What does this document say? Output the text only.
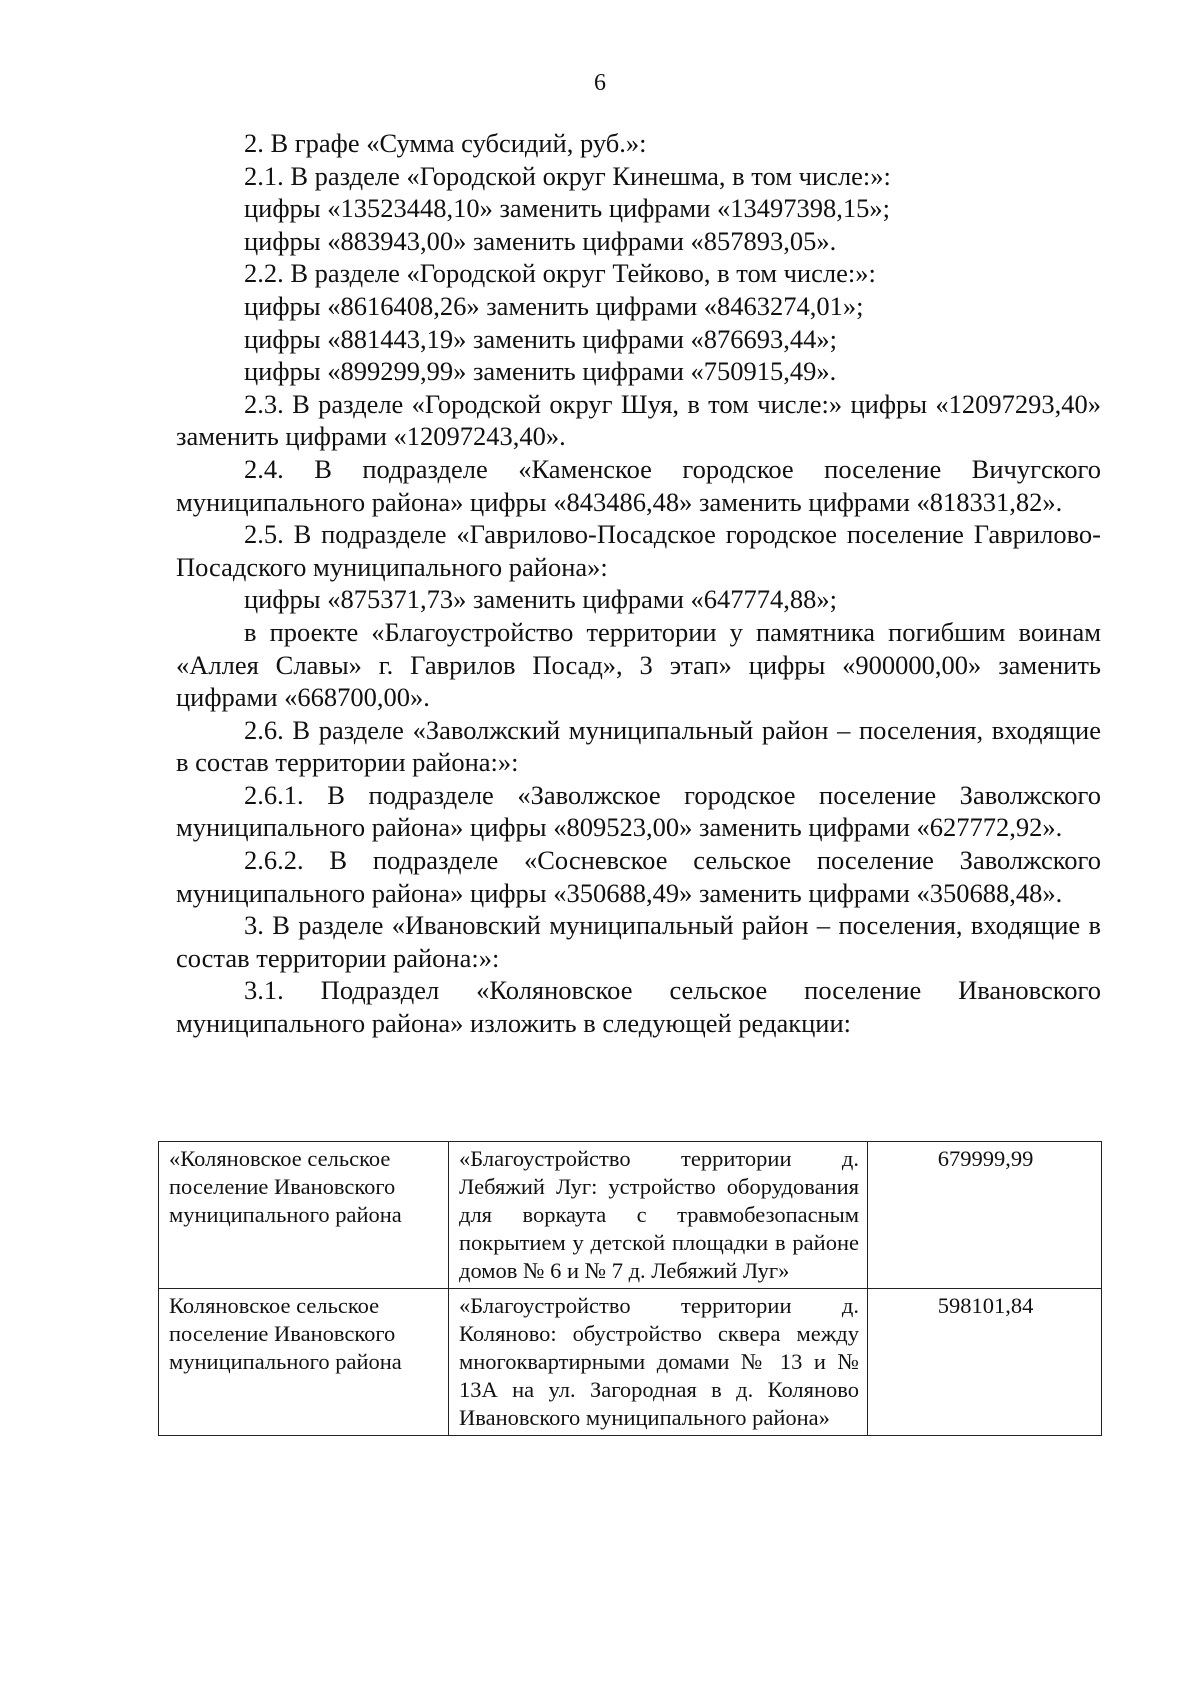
6

2. В графе «Сумма субсидий, руб.»:

2.1. В разделе «Городской округ Кинешма, в том числе:»:

цифры «13523448,10» заменить цифрами «13497398,15»;

цифры «883943,00» заменить цифрами «857893,05».

2.2. В разделе «Городской округ Тейково, в том числе:»:

цифры «8616408,26» заменить цифрами «8463274,01»;

цифры «881443,19» заменить цифрами «876693,44»;

цифры «899299,99» заменить цифрами «750915,49».

2.3. В разделе «Городской округ Шуя, в том числе:» цифры «12097293,40» заменить цифрами «12097243,40».

2.4. В подразделе «Каменское городское поселение Вичугского муниципального района» цифры «843486,48» заменить цифрами «818331,82».

2.5. В подразделе «Гаврилово-Посадское городское поселение Гаврилово-Посадского муниципального района»:

цифры «875371,73» заменить цифрами «647774,88»;

в проекте «Благоустройство территории у памятника погибшим воинам «Аллея Славы» г. Гаврилов Посад», 3 этап» цифры «900000,00» заменить цифрами «668700,00».

2.6. В разделе «Заволжский муниципальный район – поселения, входящие в состав территории района:»:

2.6.1. В подразделе «Заволжское городское поселение Заволжского муниципального района» цифры «809523,00» заменить цифрами «627772,92».

2.6.2. В подразделе «Сосневское сельское поселение Заволжского муниципального района» цифры «350688,49» заменить цифрами «350688,48».

3. В разделе «Ивановский муниципальный район – поселения, входящие в состав территории района:»:

3.1. Подраздел «Коляновское сельское поселение Ивановского муниципального района» изложить в следующей редакции:

«Коляновское сельское поселение Ивановского муниципального района	«Благоустройство территории д. Лебяжий Луг: устройство оборудования для воркаута с травмобезопасным покрытием у детской площадки в районе домов № 6 и № 7 д. Лебяжий Луг»	679999,99
Коляновское сельское поселение Ивановского муниципального района	«Благоустройство территории д. Коляново: обустройство сквера между многоквартирными домами № 13 и № 13А на ул. Загородная в д. Коляново Ивановского муниципального района»	598101,84
